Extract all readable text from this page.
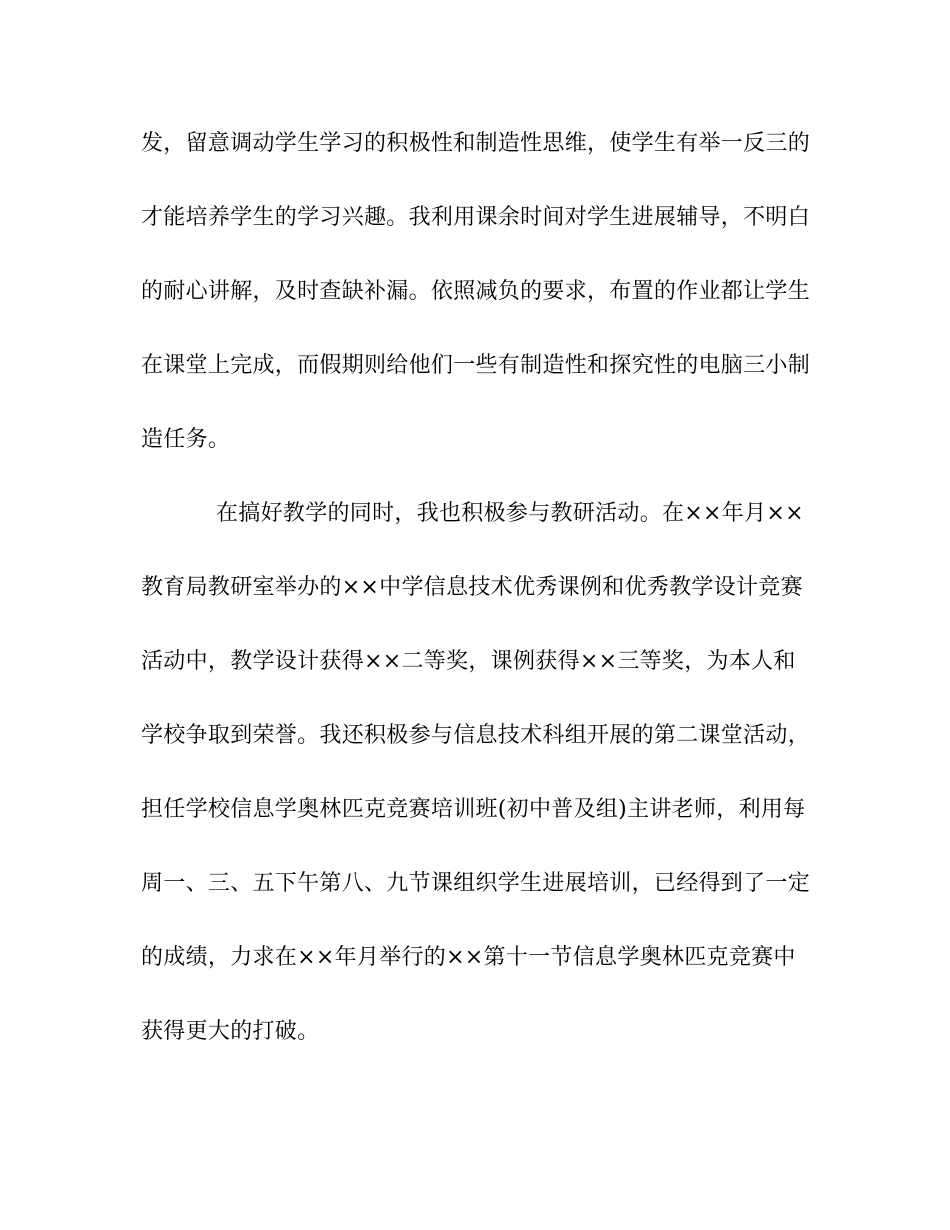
发，留意调动学生学习的积极性和制造性思维，使学生有举一反三的
才能培养学生的学习兴趣。我利用课余时间对学生进展辅导，不明白
的耐心讲解，及时查缺补漏。依照减负的要求，布置的作业都让学生
在课堂上完成，而假期则给他们一些有制造性和探究性的电脑三小制
造任务。
在搞好教学的同时，我也积极参与教研活动。在××年月××
教育局教研室举办的××中学信息技术优秀课例和优秀教学设计竞赛
活动中，教学设计获得××二等奖，课例获得××三等奖，为本人和
学校争取到荣誉。我还积极参与信息技术科组开展的第二课堂活动，
担任学校信息学奥林匹克竞赛培训班(初中普及组)主讲老师，利用每
周一、三、五下午第八、九节课组织学生进展培训，已经得到了一定
的成绩，力求在××年月举行的××第十一节信息学奥林匹克竞赛中
获得更大的打破。
